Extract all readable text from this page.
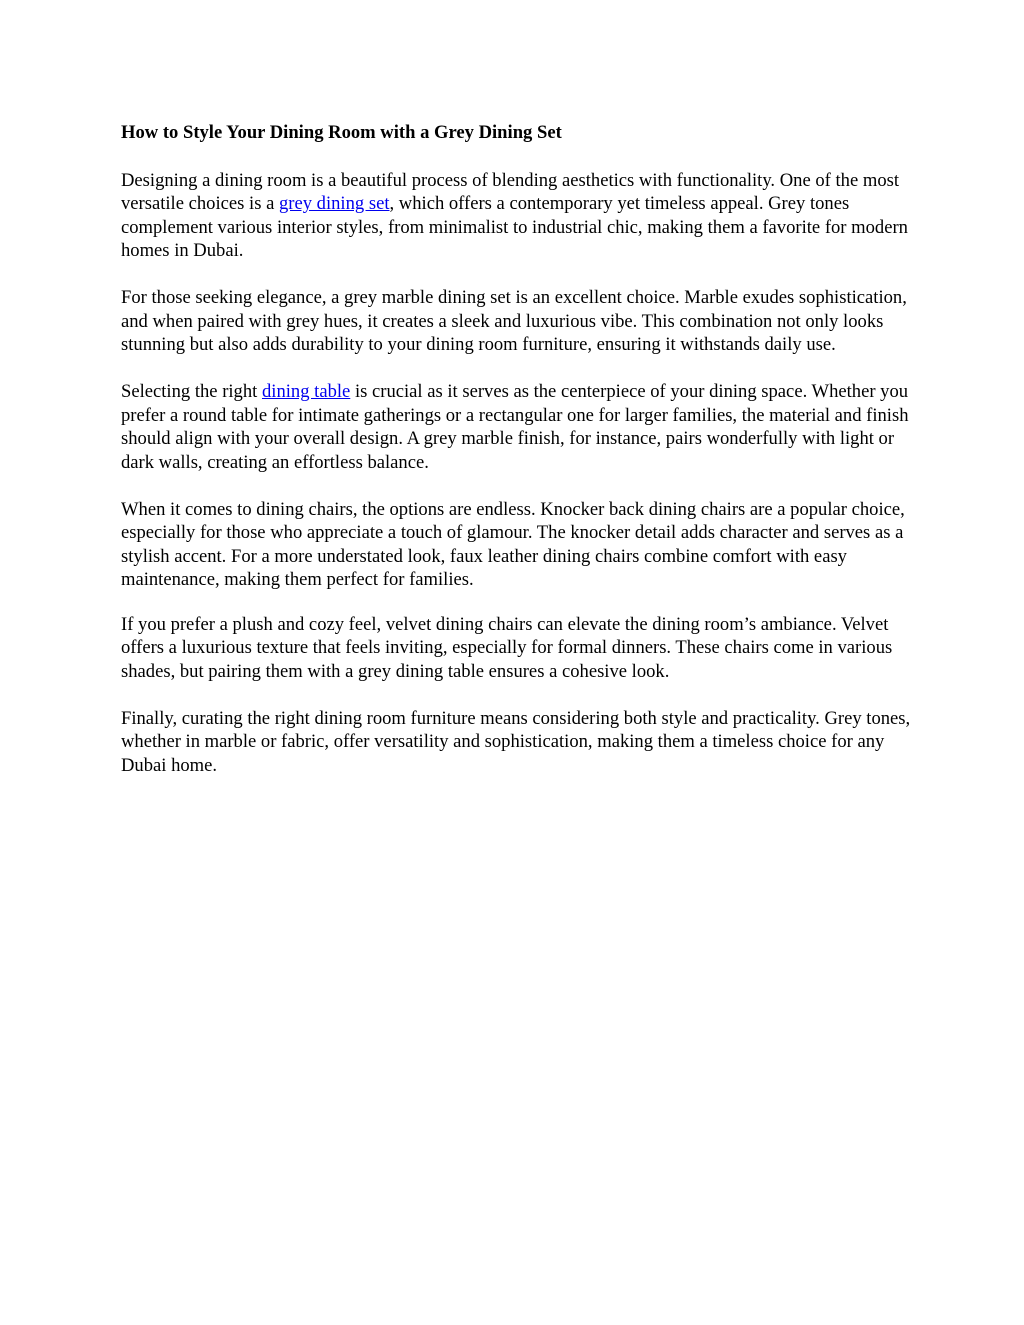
How to Style Your Dining Room with a Grey Dining Set

Designing a dining room is a beautiful process of blending aesthetics with functionality. One of the most versatile choices is a grey dining set, which offers a contemporary yet timeless appeal. Grey tones complement various interior styles, from minimalist to industrial chic, making them a favorite for modern homes in Dubai.

For those seeking elegance, a grey marble dining set is an excellent choice. Marble exudes sophistication, and when paired with grey hues, it creates a sleek and luxurious vibe. This combination not only looks stunning but also adds durability to your dining room furniture, ensuring it withstands daily use.

Selecting the right dining table is crucial as it serves as the centerpiece of your dining space. Whether you prefer a round table for intimate gatherings or a rectangular one for larger families, the material and finish should align with your overall design. A grey marble finish, for instance, pairs wonderfully with light or dark walls, creating an effortless balance.

When it comes to dining chairs, the options are endless. Knocker back dining chairs are a popular choice, especially for those who appreciate a touch of glamour. The knocker detail adds character and serves as a stylish accent. For a more understated look, faux leather dining chairs combine comfort with easy maintenance, making them perfect for families.

If you prefer a plush and cozy feel, velvet dining chairs can elevate the dining room’s ambiance. Velvet offers a luxurious texture that feels inviting, especially for formal dinners. These chairs come in various shades, but pairing them with a grey dining table ensures a cohesive look.

Finally, curating the right dining room furniture means considering both style and practicality. Grey tones, whether in marble or fabric, offer versatility and sophistication, making them a timeless choice for any Dubai home.
